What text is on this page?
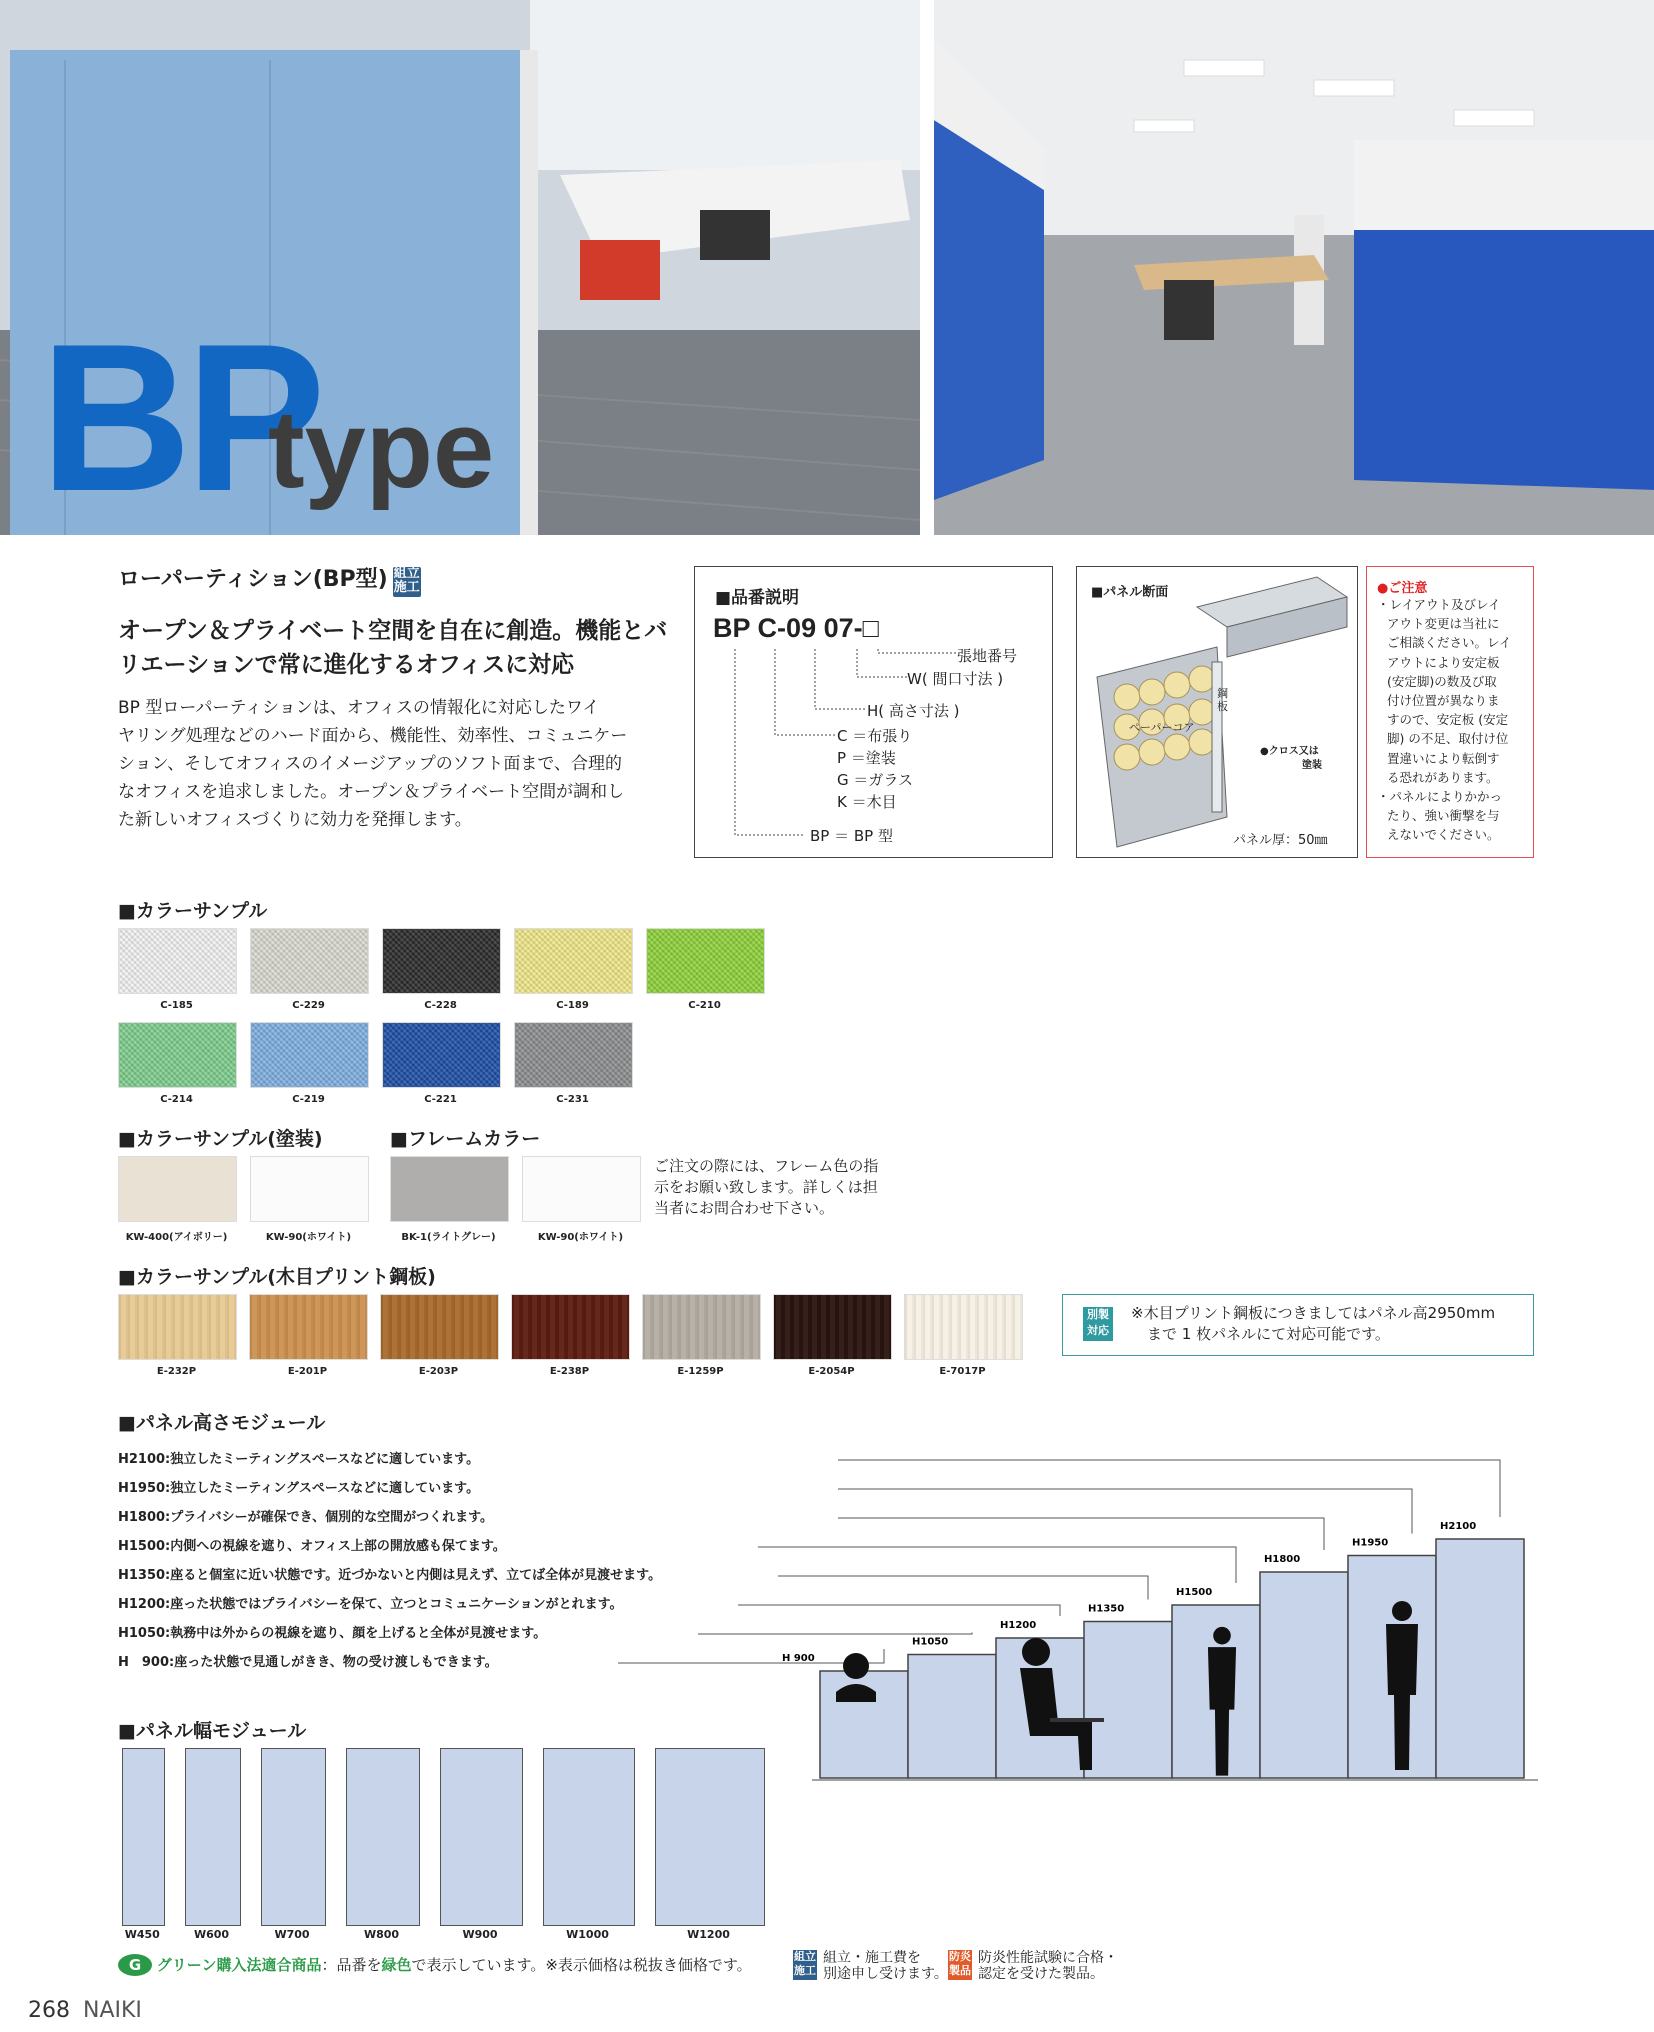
BP
type
ローパーティション(BP型) 組立施工
オープン＆プライベート空間を自在に創造。機能とバ
リエーションで常に進化するオフィスに対応
BP 型ローパーティションは、オフィスの情報化に対応したワイ
ヤリング処理などのハード面から、機能性、効率性、コミュニケー
ション、そしてオフィスのイメージアップのソフト面まで、合理的
なオフィスを追求しました。オープン＆プライベート空間が調和し
た新しいオフィスづくりに効力を発揮します。
■品番説明
BP C-09 07-□
張地番号
W( 間口寸法 )
H( 高さ寸法 )
C ＝布張り
P ＝塗装
G ＝ガラス
K ＝木目
BP ＝ BP 型
■パネル断面
ペーパーコア
鋼板
●クロス又は
塗装
パネル厚：50㎜
●ご注意
・レイアウト及びレイ
アウト変更は当社に
ご相談ください。レイ
アウトにより安定板
(安定脚)の数及び取
付け位置が異なりま
すので、安定板 (安定
脚) の不足、取付け位
置違いにより転倒す
る恐れがあります。
・パネルによりかかっ
たり、強い衝撃を与
えないでください。
■カラーサンプル
C-185	C-229	C-228	C-189	C-210
C-214	C-219	C-221	C-231
■カラーサンプル(塗装)	■フレームカラー
KW-400(アイボリー)	KW-90(ホワイト)	BK-1(ライトグレー)	KW-90(ホワイト)
ご注文の際には、フレーム色の指
示をお願い致します。詳しくは担
当者にお問合わせ下さい。
■カラーサンプル(木目プリント鋼板)
E-232P	E-201P	E-203P	E-238P	E-1259P	E-2054P	E-7017P
別製対応
※木目プリント鋼板につきましてはパネル高2950mm
まで 1 枚パネルにて対応可能です。
■パネル高さモジュール
H2100:独立したミーティングスペースなどに適しています。
H1950:独立したミーティングスペースなどに適しています。
H1800:プライバシーが確保でき、個別的な空間がつくれます。
H1500:内側への視線を遮り、オフィス上部の開放感も保てます。
H1350:座ると個室に近い状態です。近づかないと内側は見えず、立てば全体が見渡せます。
H1200:座った状態ではプライバシーを保て、立つとコミュニケーションがとれます。
H1050:執務中は外からの視線を遮り、顔を上げると全体が見渡せます。
H　900:座った状態で見通しがきき、物の受け渡しもできます。	H 900
H1050
H1200
H1350
H1500
H1800
H1950
H2100
■パネル幅モジュール
W450	W600	W700	W800	W900	W1000	W1200
G グリーン購入法適合商品：品番を緑色で表示しています。※表示価格は税抜き価格です。	組立施工
組立・施工費を
別途申し受けます。
防炎製品
防炎性能試験に合格・
認定を受けた製品。
268 NAIKI
